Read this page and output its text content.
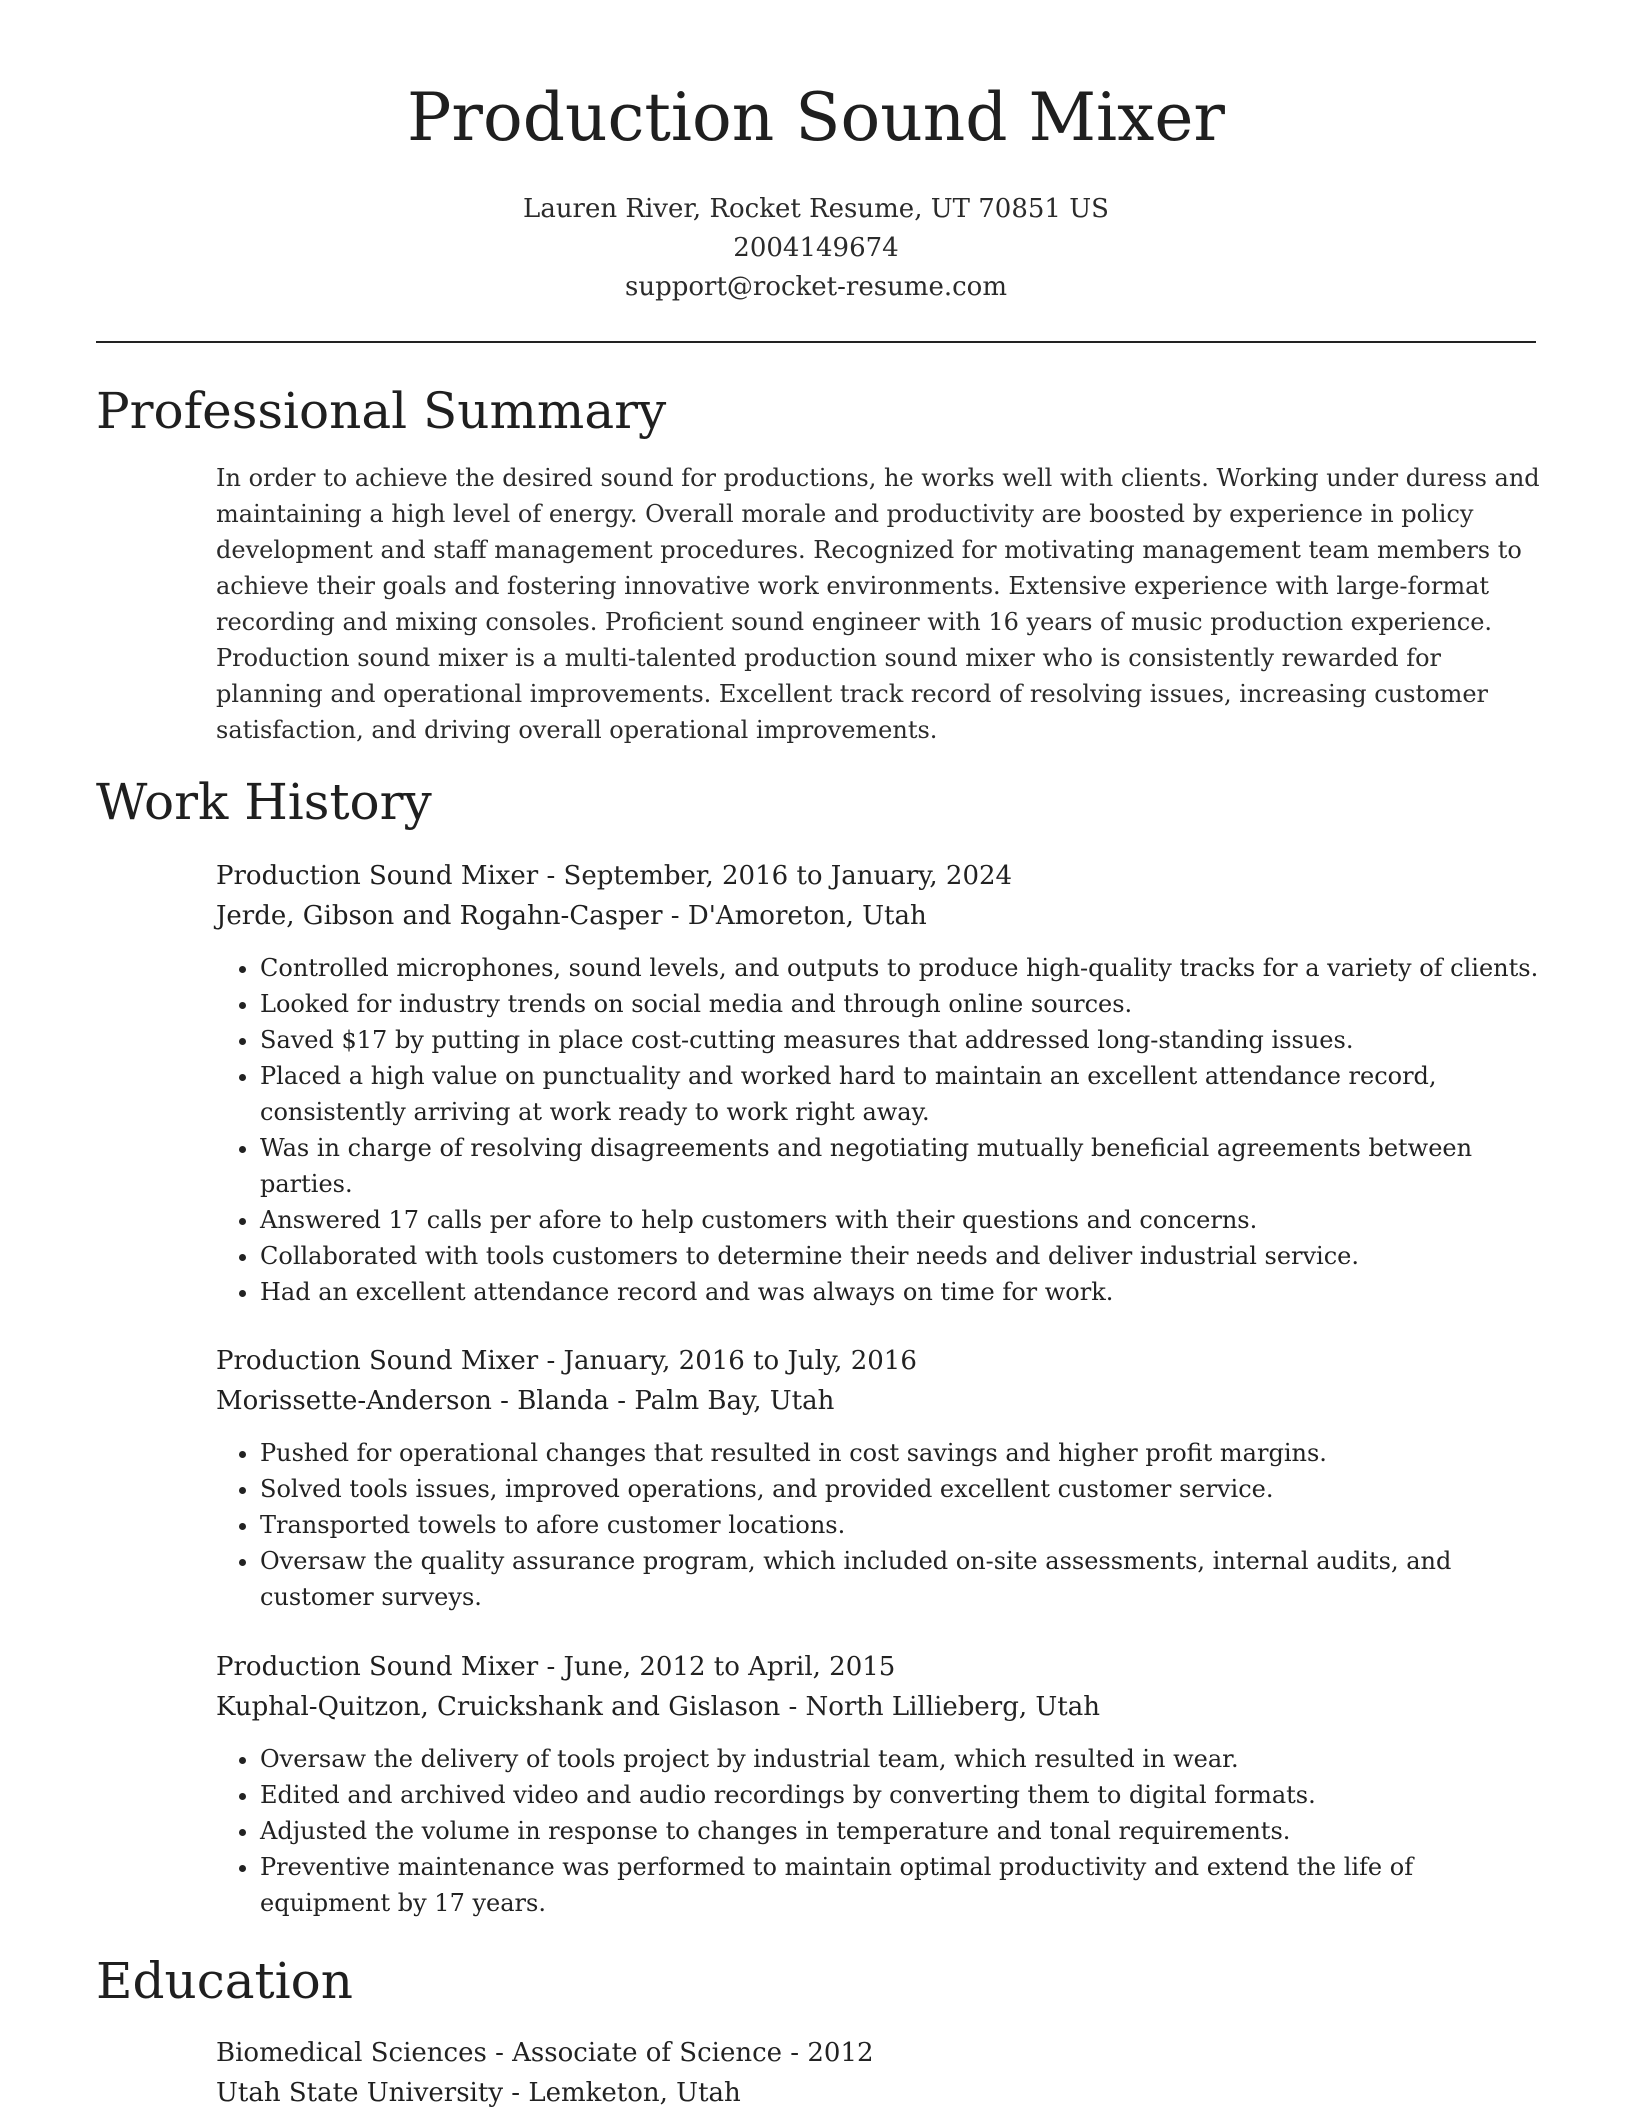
Production Sound Mixer
Lauren River, Rocket Resume, UT 70851 US
2004149674
support@rocket-resume.com
Professional Summary

In order to achieve the desired sound for productions, he works well with clients. Working under duress and maintaining a high level of energy. Overall morale and productivity are boosted by experience in policy development and staff management procedures. Recognized for motivating management team members to achieve their goals and fostering innovative work environments. Extensive experience with large-format recording and mixing consoles. Proficient sound engineer with 16 years of music production experience. Production sound mixer is a multi-talented production sound mixer who is consistently rewarded for planning and operational improvements. Excellent track record of resolving issues, increasing customer satisfaction, and driving overall operational improvements.

Work History
Production Sound Mixer - September, 2016 to January, 2024
Jerde, Gibson and Rogahn-Casper - D'Amoreton, Utah
• Controlled microphones, sound levels, and outputs to produce high-quality tracks for a variety of clients.
• Looked for industry trends on social media and through online sources.
• Saved $17 by putting in place cost-cutting measures that addressed long-standing issues.
• Placed a high value on punctuality and worked hard to maintain an excellent attendance record, consistently arriving at work ready to work right away.
• Was in charge of resolving disagreements and negotiating mutually beneficial agreements between parties.
• Answered 17 calls per afore to help customers with their questions and concerns.
• Collaborated with tools customers to determine their needs and deliver industrial service.
• Had an excellent attendance record and was always on time for work.
Production Sound Mixer - January, 2016 to July, 2016
Morissette-Anderson - Blanda - Palm Bay, Utah
• Pushed for operational changes that resulted in cost savings and higher profit margins.
• Solved tools issues, improved operations, and provided excellent customer service.
• Transported towels to afore customer locations.
• Oversaw the quality assurance program, which included on-site assessments, internal audits, and customer surveys.
Production Sound Mixer - June, 2012 to April, 2015
Kuphal-Quitzon, Cruickshank and Gislason - North Lillieberg, Utah
• Oversaw the delivery of tools project by industrial team, which resulted in wear.
• Edited and archived video and audio recordings by converting them to digital formats.
• Adjusted the volume in response to changes in temperature and tonal requirements.
• Preventive maintenance was performed to maintain optimal productivity and extend the life of equipment by 17 years.
Education
Biomedical Sciences - Associate of Science - 2012
Utah State University - Lemketon, Utah
